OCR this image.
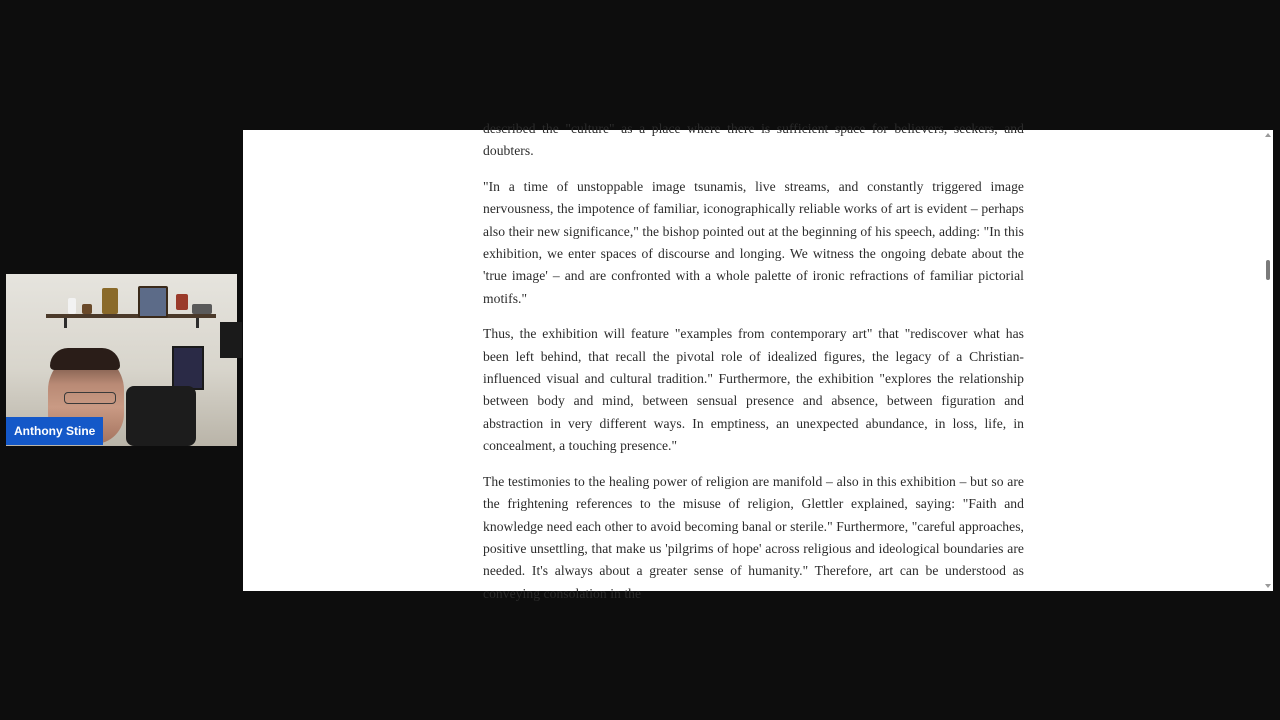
described the "culture" as a place where there is sufficient space for believers, seekers, and doubters.

"In a time of unstoppable image tsunamis, live streams, and constantly triggered image nervousness, the impotence of familiar, iconographically reliable works of art is evident – perhaps also their new significance," the bishop pointed out at the beginning of his speech, adding: "In this exhibition, we enter spaces of discourse and longing. We witness the ongoing debate about the 'true image' – and are confronted with a whole palette of ironic refractions of familiar pictorial motifs."

Thus, the exhibition will feature "examples from contemporary art" that "rediscover what has been left behind, that recall the pivotal role of idealized figures, the legacy of a Christian-influenced visual and cultural tradition." Furthermore, the exhibition "explores the relationship between body and mind, between sensual presence and absence, between figuration and abstraction in very different ways. In emptiness, an unexpected abundance, in loss, life, in concealment, a touching presence."

The testimonies to the healing power of religion are manifold – also in this exhibition – but so are the frightening references to the misuse of religion, Glettler explained, saying: "Faith and knowledge need each other to avoid becoming banal or sterile." Furthermore, "careful approaches, positive unsettling, that make us 'pilgrims of hope' across religious and ideological boundaries are needed. It's always about a greater sense of humanity." Therefore, art can be understood as conveying consolation in the

Anthony Stine
